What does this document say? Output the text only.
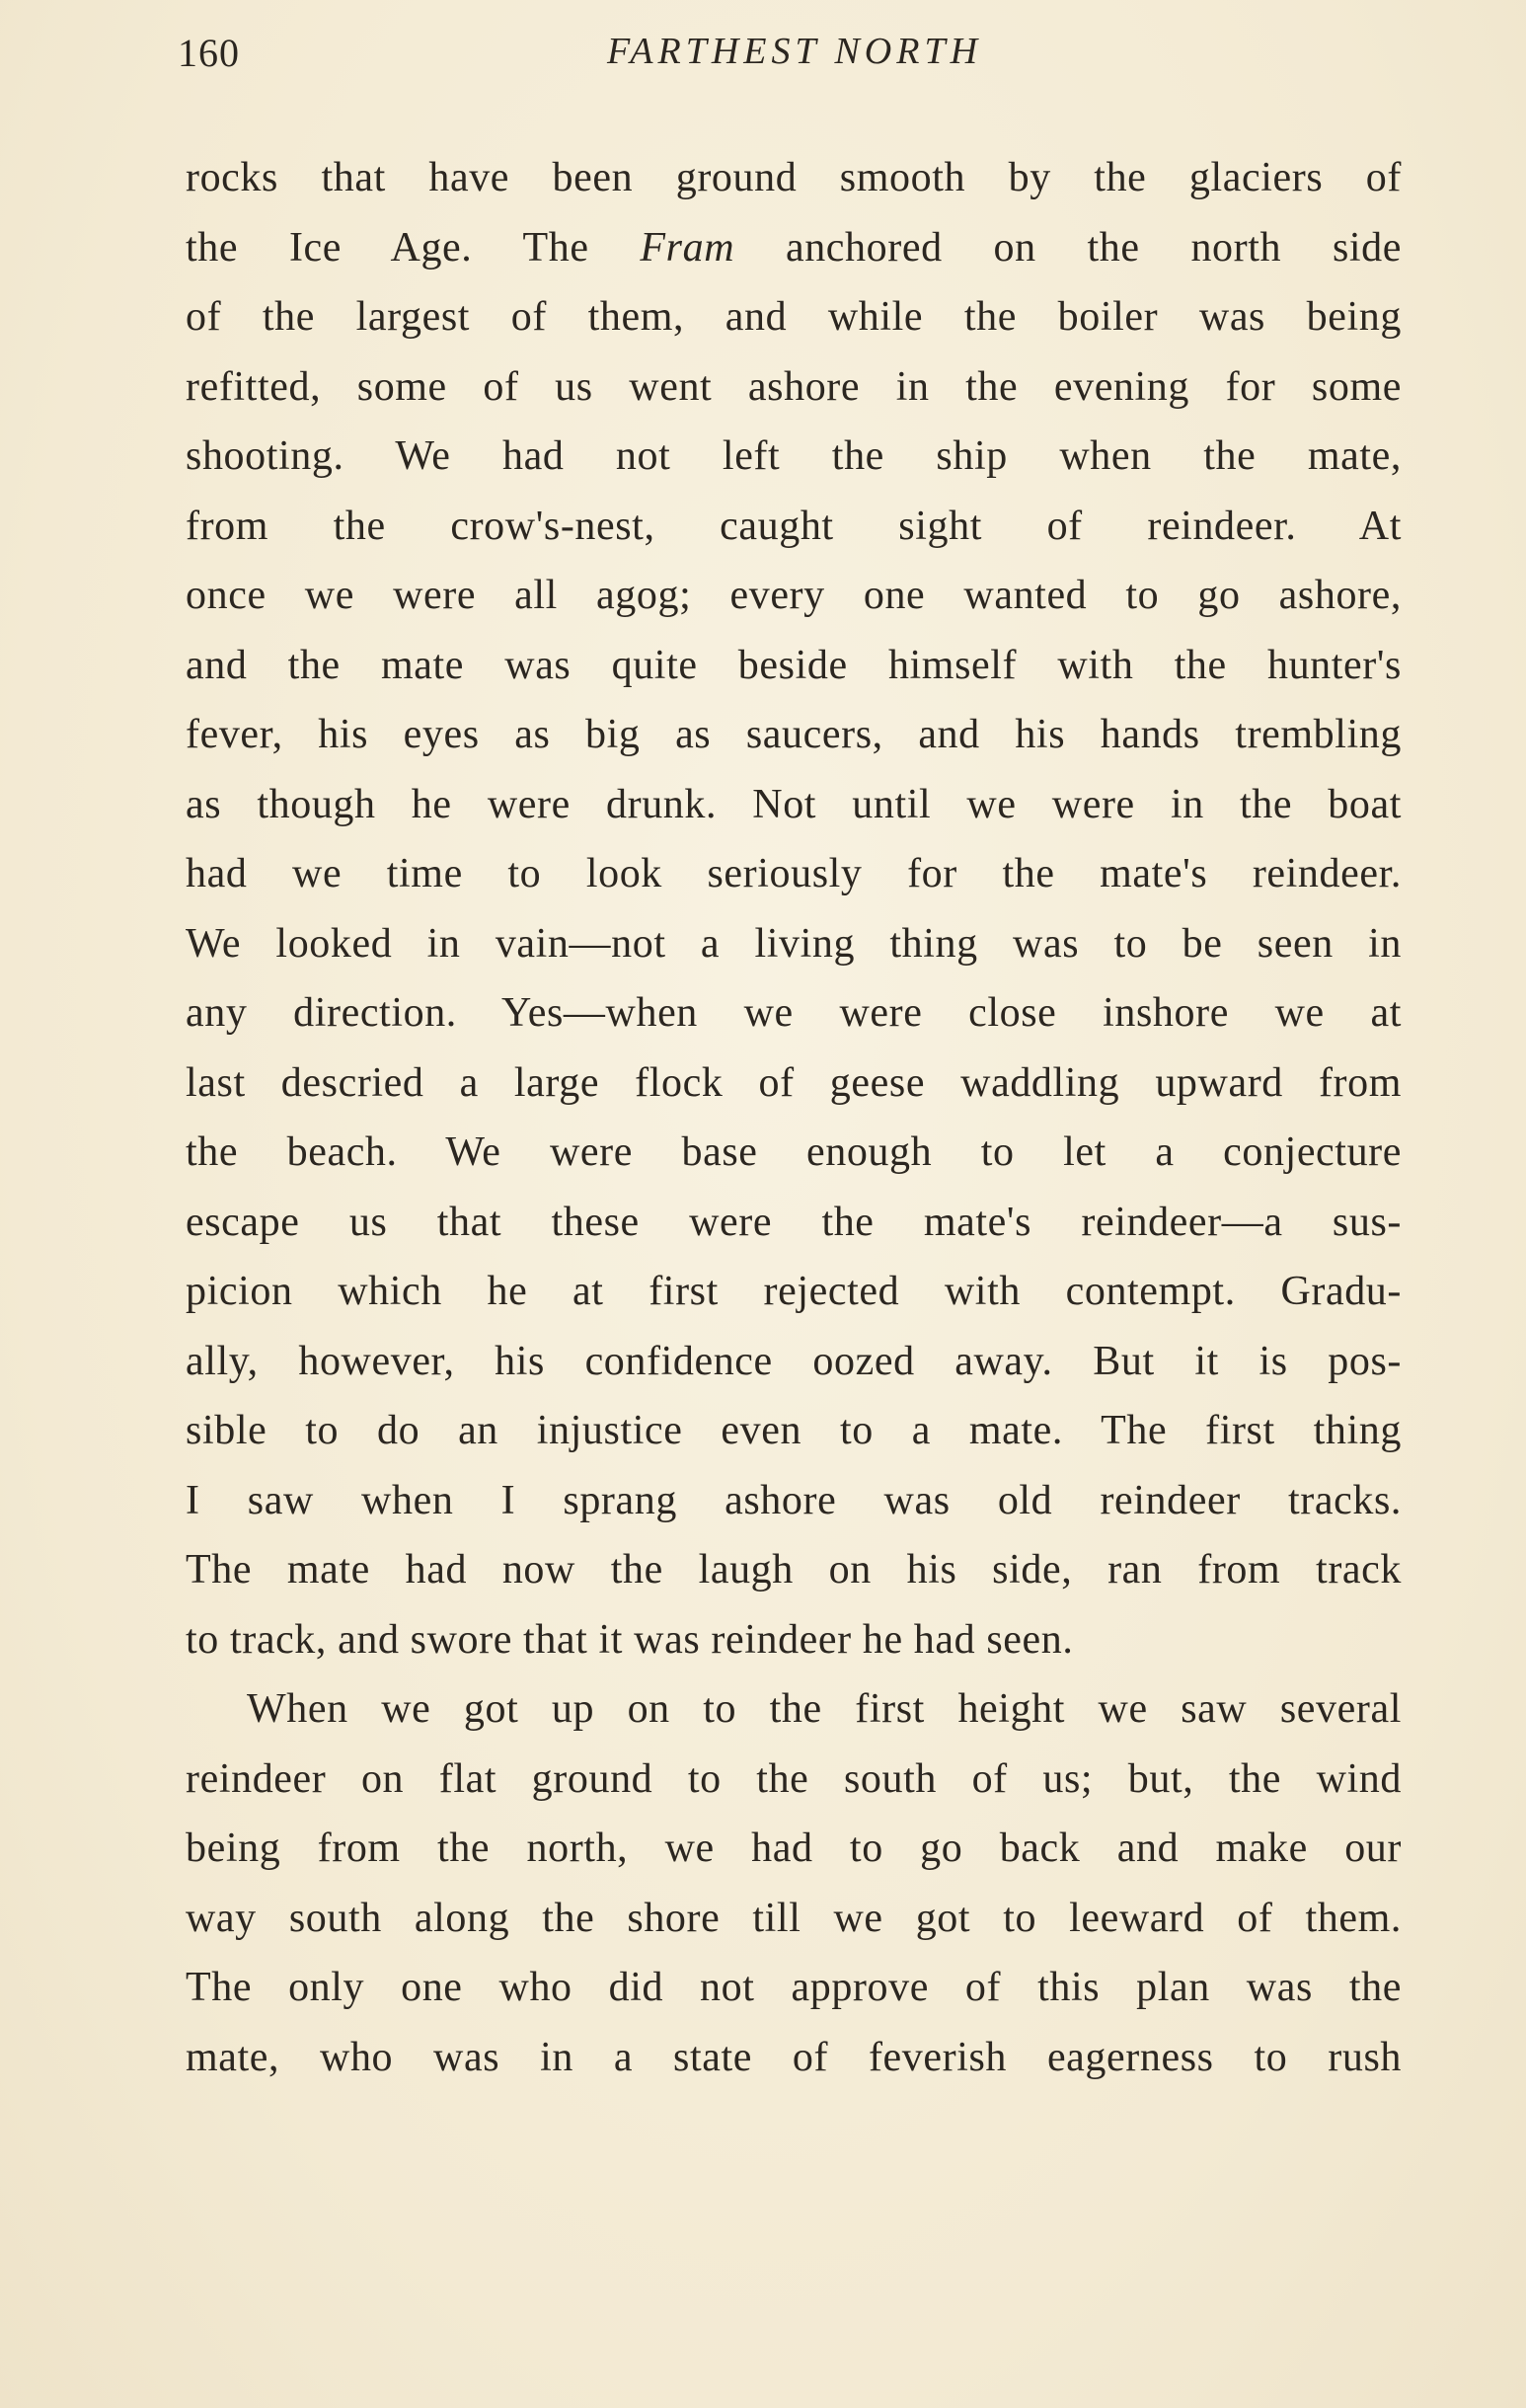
160	FARTHEST NORTH
rocks that have been ground smooth by the glaciers of
the Ice Age. The Fram anchored on the north side
of the largest of them, and while the boiler was being
refitted, some of us went ashore in the evening for some
shooting. We had not left the ship when the mate,
from the crow's-nest, caught sight of reindeer. At
once we were all agog; every one wanted to go ashore,
and the mate was quite beside himself with the hunter's
fever, his eyes as big as saucers, and his hands trembling
as though he were drunk. Not until we were in the boat
had we time to look seriously for the mate's reindeer.
We looked in vain—not a living thing was to be seen in
any direction. Yes—when we were close inshore we at
last descried a large flock of geese waddling upward from
the beach. We were base enough to let a conjecture
escape us that these were the mate's reindeer—a sus-
picion which he at first rejected with contempt. Gradu-
ally, however, his confidence oozed away. But it is pos-
sible to do an injustice even to a mate. The first thing
I saw when I sprang ashore was old reindeer tracks.
The mate had now the laugh on his side, ran from track
to track, and swore that it was reindeer he had seen.
When we got up on to the first height we saw several
reindeer on flat ground to the south of us; but, the wind
being from the north, we had to go back and make our
way south along the shore till we got to leeward of them.
The only one who did not approve of this plan was the
mate, who was in a state of feverish eagerness to rush
